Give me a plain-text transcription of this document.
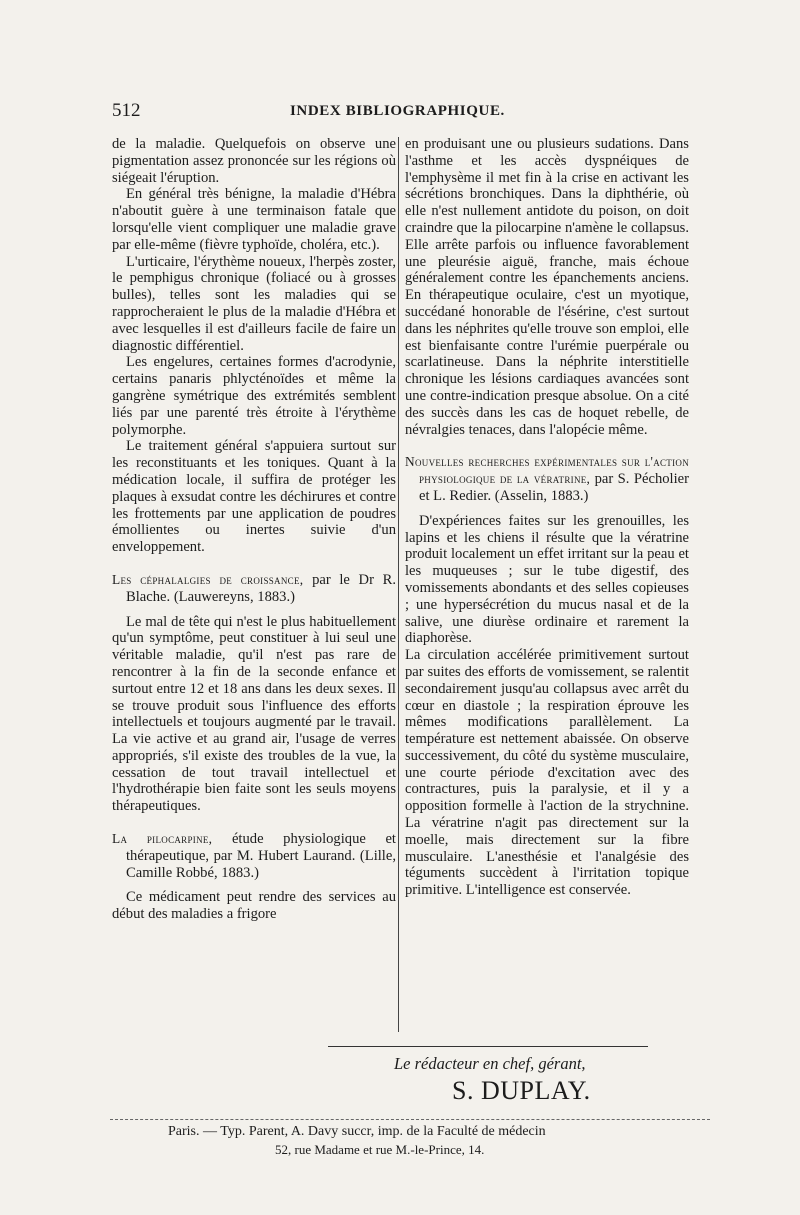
512	INDEX BIBLIOGRAPHIQUE.

de la maladie. Quelquefois on observe une pigmentation assez prononcée sur les régions où siégeait l'éruption.

En général très bénigne, la maladie d'Hébra n'aboutit guère à une terminaison fatale que lorsqu'elle vient compliquer une maladie grave par elle-même (fièvre typhoïde, choléra, etc.).

L'urticaire, l'érythème noueux, l'herpès zoster, le pemphigus chronique (foliacé ou à grosses bulles), telles sont les maladies qui se rapprocheraient le plus de la maladie d'Hébra et avec lesquelles il est d'ailleurs facile de faire un diagnostic différentiel.

Les engelures, certaines formes d'acrodynie, certains panaris phlycténoïdes et même la gangrène symétrique des extrémités semblent liés par une parenté très étroite à l'érythème polymorphe.

Le traitement général s'appuiera surtout sur les reconstituants et les toniques. Quant à la médication locale, il suffira de protéger les plaques à exsudat contre les déchirures et contre les frottements par une application de poudres émollientes ou inertes suivie d'un enveloppement.

Les céphalalgies de croissance, par le Dr R. Blache. (Lauwereyns, 1883.)

Le mal de tête qui n'est le plus habituellement qu'un symptôme, peut constituer à lui seul une véritable maladie, qu'il n'est pas rare de rencontrer à la fin de la seconde enfance et surtout entre 12 et 18 ans dans les deux sexes. Il se trouve produit sous l'influence des efforts intellectuels et toujours augmenté par le travail. La vie active et au grand air, l'usage de verres appropriés, s'il existe des troubles de la vue, la cessation de tout travail intellectuel et l'hydrothérapie bien faite sont les seuls moyens thérapeutiques.

La pilocarpine, étude physiologique et thérapeutique, par M. Hubert Laurand. (Lille, Camille Robbé, 1883.)

Ce médicament peut rendre des services au début des maladies a frigore

en produisant une ou plusieurs sudations. Dans l'asthme et les accès dyspnéiques de l'emphysème il met fin à la crise en activant les sécrétions bronchiques. Dans la diphthérie, où elle n'est nullement antidote du poison, on doit craindre que la pilocarpine n'amène le collapsus. Elle arrête parfois ou influence favorablement une pleurésie aiguë, franche, mais échoue généralement contre les épanchements anciens. En thérapeutique oculaire, c'est un myotique, succédané honorable de l'ésérine, c'est surtout dans les néphrites qu'elle trouve son emploi, elle est bienfaisante contre l'urémie puerpérale ou scarlatineuse. Dans la néphrite interstitielle chronique les lésions cardiaques avancées sont une contre-indication presque absolue. On a cité des succès dans les cas de hoquet rebelle, de névralgies tenaces, dans l'alopécie même.

Nouvelles recherches expérimentales sur l'action physiologique de la vératrine, par S. Pécholier et L. Redier. (Asselin, 1883.)

D'expériences faites sur les grenouilles, les lapins et les chiens il résulte que la vératrine produit localement un effet irritant sur la peau et les muqueuses ; sur le tube digestif, des vomissements abondants et des selles copieuses ; une hypersécrétion du mucus nasal et de la salive, une diurèse ordinaire et rarement la diaphorèse.

La circulation accélérée primitivement surtout par suites des efforts de vomissement, se ralentit secondairement jusqu'au collapsus avec arrêt du cœur en diastole ; la respiration éprouve les mêmes modifications parallèlement. La température est nettement abaissée. On observe successivement, du côté du système musculaire, une courte période d'excitation avec des contractures, puis la paralysie, et il y a opposition formelle à l'action de la strychnine. La vératrine n'agit pas directement sur la moelle, mais directement sur la fibre musculaire. L'anesthésie et l'analgésie des téguments succèdent à l'irritation topique primitive. L'intelligence est conservée.

Le rédacteur en chef, gérant,
S. DUPLAY.
Paris. — Typ. Parent, A. Davy succr, imp. de la Faculté de médecin
52, rue Madame et rue M.-le-Prince, 14.
